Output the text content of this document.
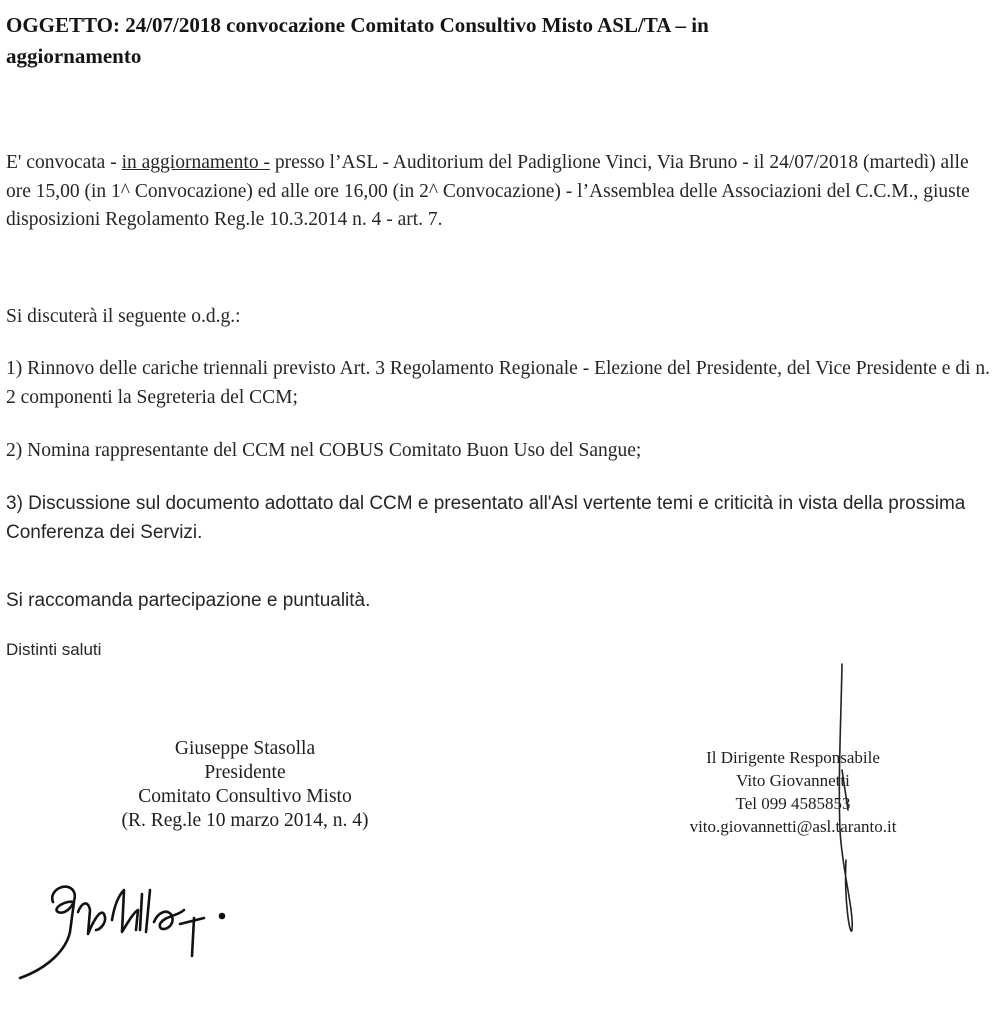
OGGETTO: 24/07/2018 convocazione Comitato Consultivo Misto ASL/TA – in
aggiornamento
E' convocata - in aggiornamento - presso l’ASL - Auditorium del Padiglione Vinci, Via Bruno - il 24/07/2018 (martedì) alle ore 15,00 (in 1^ Convocazione) ed alle ore 16,00 (in 2^ Convocazione) - l’Assemblea delle Associazioni del C.C.M., giuste disposizioni Regolamento Reg.le 10.3.2014 n. 4 - art. 7.
Si discuterà il seguente o.d.g.:
1) Rinnovo delle cariche triennali previsto Art. 3 Regolamento Regionale - Elezione del Presidente, del Vice Presidente e di n. 2 componenti la Segreteria del CCM;
2) Nomina rappresentante del CCM nel COBUS Comitato Buon Uso del Sangue;
3) Discussione sul documento adottato dal CCM e presentato all'Asl vertente temi e criticità in vista della prossima Conferenza dei Servizi.
Si raccomanda partecipazione e puntualità.
Distinti saluti
Giuseppe Stasolla
Presidente
Comitato Consultivo Misto
(R. Reg.le 10 marzo 2014, n. 4)
Il Dirigente Responsabile
Vito Giovannetti
Tel 099 4585853
vito.giovannetti@asl.taranto.it
